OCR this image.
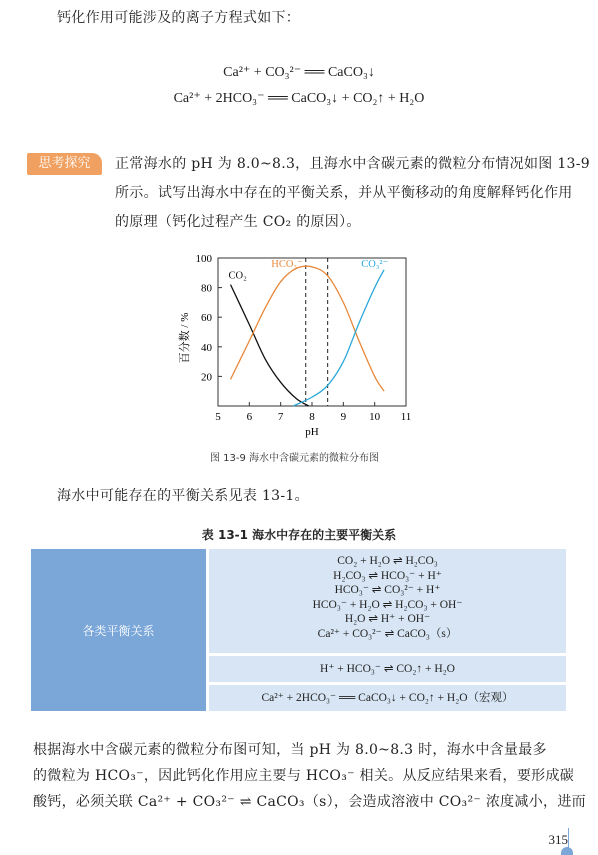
钙化作用可能涉及的离子方程式如下：
Ca²⁺ + CO₃²⁻ ══ CaCO₃↓
Ca²⁺ + 2HCO₃⁻ ══ CaCO₃↓ + CO₂↑ + H₂O
思考探究	正常海水的 pH 为 8.0~8.3，且海水中含碳元素的微粒分布情况如图 13-9
所示。试写出海水中存在的平衡关系，并从平衡移动的角度解释钙化作用
的原理（钙化过程产生 CO₂ 的原因）。
5 6 7 8 9 10 11
20
40
60
80
100
CO₂
HCO₃⁻	CO₃²⁻
百分数 / %
pH
图 13-9 海水中含碳元素的微粒分布图
海水中可能存在的平衡关系见表 13-1。
表 13-1 海水中存在的主要平衡关系
各类平衡关系
CO₂ + H₂O ⇌ H₂CO₃
H₂CO₃ ⇌ HCO₃⁻ + H⁺
HCO₃⁻ ⇌ CO₃²⁻ + H⁺
HCO₃⁻ + H₂O ⇌ H₂CO₃ + OH⁻
H₂O ⇌ H⁺ + OH⁻
Ca²⁺ + CO₃²⁻ ⇌ CaCO₃（s）
H⁺ + HCO₃⁻ ⇌ CO₂↑ + H₂O
Ca²⁺ + 2HCO₃⁻ ══ CaCO₃↓ + CO₂↑ + H₂O（宏观）
根据海水中含碳元素的微粒分布图可知，当 pH 为 8.0~8.3 时，海水中含量最多
的微粒为 HCO₃⁻，因此钙化作用应主要与 HCO₃⁻ 相关。从反应结果来看，要形成碳
酸钙，必须关联 Ca²⁺ + CO₃²⁻ ⇌ CaCO₃（s），会造成溶液中 CO₃²⁻ 浓度减小，进而
315
